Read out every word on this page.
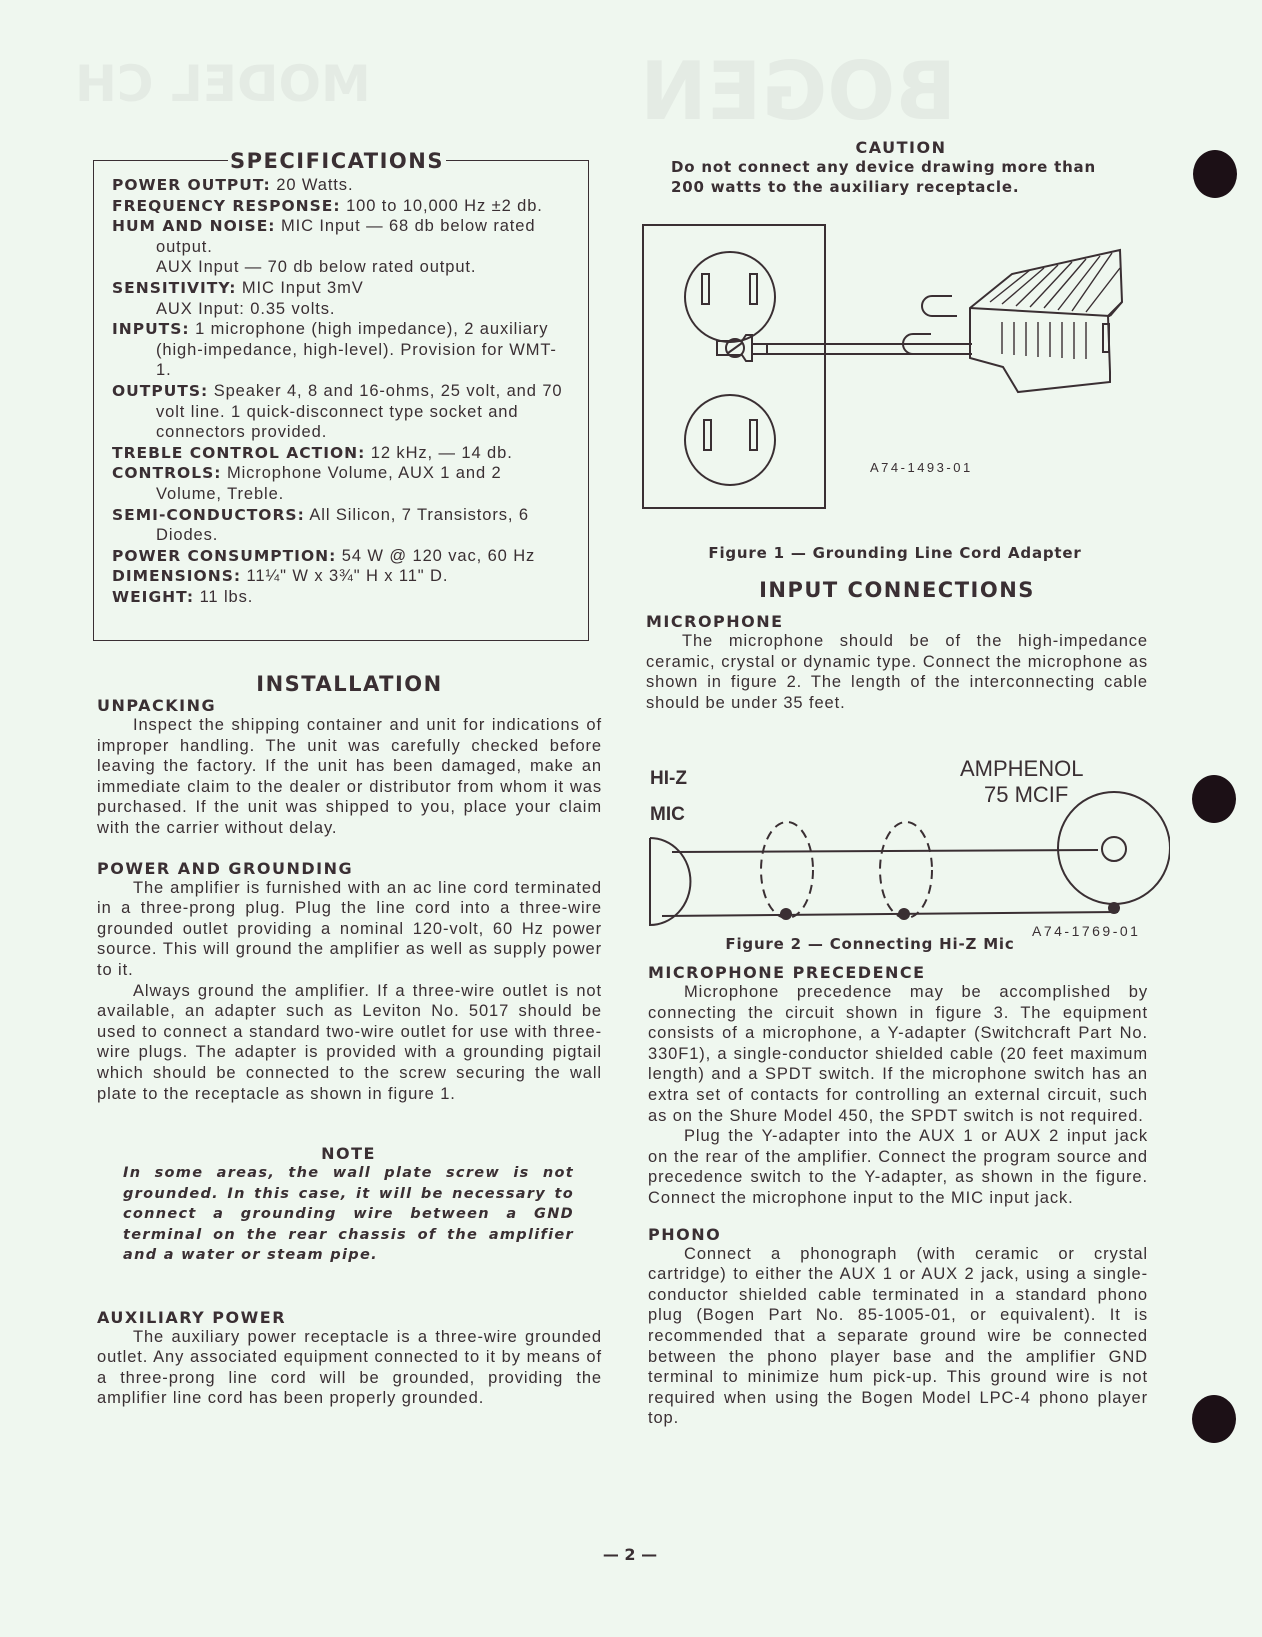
MODEL CH	BOGEN
SPECIFICATIONS
POWER OUTPUT: 20 Watts.
FREQUENCY RESPONSE: 100 to 10,000 Hz ±2 db.
HUM AND NOISE: MIC Input — 68 db below rated output.
AUX Input — 70 db below rated output.
SENSITIVITY: MIC Input 3mV
AUX Input: 0.35 volts.
INPUTS: 1 microphone (high impedance), 2 auxiliary (high-impedance, high-level). Provision for WMT-1.
OUTPUTS: Speaker 4, 8 and 16-ohms, 25 volt, and 70 volt line. 1 quick-disconnect type socket and connectors provided.
TREBLE CONTROL ACTION: 12 kHz, — 14 db.
CONTROLS: Microphone Volume, AUX 1 and 2 Volume, Treble.
SEMI-CONDUCTORS: All Silicon, 7 Transistors, 6 Diodes.
POWER CONSUMPTION: 54 W @ 120 vac, 60 Hz
DIMENSIONS: 11¼" W x 3¾" H x 11" D.
WEIGHT: 11 lbs.
INSTALLATION
UNPACKING

Inspect the shipping container and unit for indications of improper handling. The unit was carefully checked before leaving the factory. If the unit has been damaged, make an immediate claim to the dealer or distributor from whom it was purchased. If the unit was shipped to you, place your claim with the carrier without delay.

POWER AND GROUNDING

The amplifier is furnished with an ac line cord terminated in a three-prong plug. Plug the line cord into a three-wire grounded outlet providing a nominal 120-volt, 60 Hz power source. This will ground the amplifier as well as supply power to it.

Always ground the amplifier. If a three-wire outlet is not available, an adapter such as Leviton No. 5017 should be used to connect a standard two-wire outlet for use with three-wire plugs. The adapter is provided with a grounding pigtail which should be connected to the screw securing the wall plate to the receptacle as shown in figure 1.

NOTE
In some areas, the wall plate screw is not grounded. In this case, it will be necessary to connect a grounding wire between a GND terminal on the rear chassis of the amplifier and a water or steam pipe.
AUXILIARY POWER

The auxiliary power receptacle is a three-wire grounded outlet. Any associated equipment connected to it by means of a three-prong line cord will be grounded, providing the amplifier line cord has been properly grounded.

CAUTION
Do not connect any device drawing more than 200 watts to the auxiliary receptacle.
A74-1493-01
Figure 1 — Grounding Line Cord Adapter
INPUT CONNECTIONS
MICROPHONE

The microphone should be of the high-impedance ceramic, crystal or dynamic type. Connect the microphone as shown in figure 2. The length of the interconnecting cable should be under 35 feet.

HI-Z
MIC
AMPHENOL
75 MCIF
A74-1769-01
Figure 2 — Connecting Hi-Z Mic
MICROPHONE PRECEDENCE

Microphone precedence may be accomplished by connecting the circuit shown in figure 3. The equipment consists of a microphone, a Y-adapter (Switchcraft Part No. 330F1), a single-conductor shielded cable (20 feet maximum length) and a SPDT switch. If the microphone switch has an extra set of contacts for controlling an external circuit, such as on the Shure Model 450, the SPDT switch is not required.

Plug the Y-adapter into the AUX 1 or AUX 2 input jack on the rear of the amplifier. Connect the program source and precedence switch to the Y-adapter, as shown in the figure. Connect the microphone input to the MIC input jack.

PHONO

Connect a phonograph (with ceramic or crystal cartridge) to either the AUX 1 or AUX 2 jack, using a single-conductor shielded cable terminated in a standard phono plug (Bogen Part No. 85-1005-01, or equivalent). It is recommended that a separate ground wire be connected between the phono player base and the amplifier GND terminal to minimize hum pick-up. This ground wire is not required when using the Bogen Model LPC-4 phono player top.

— 2 —
